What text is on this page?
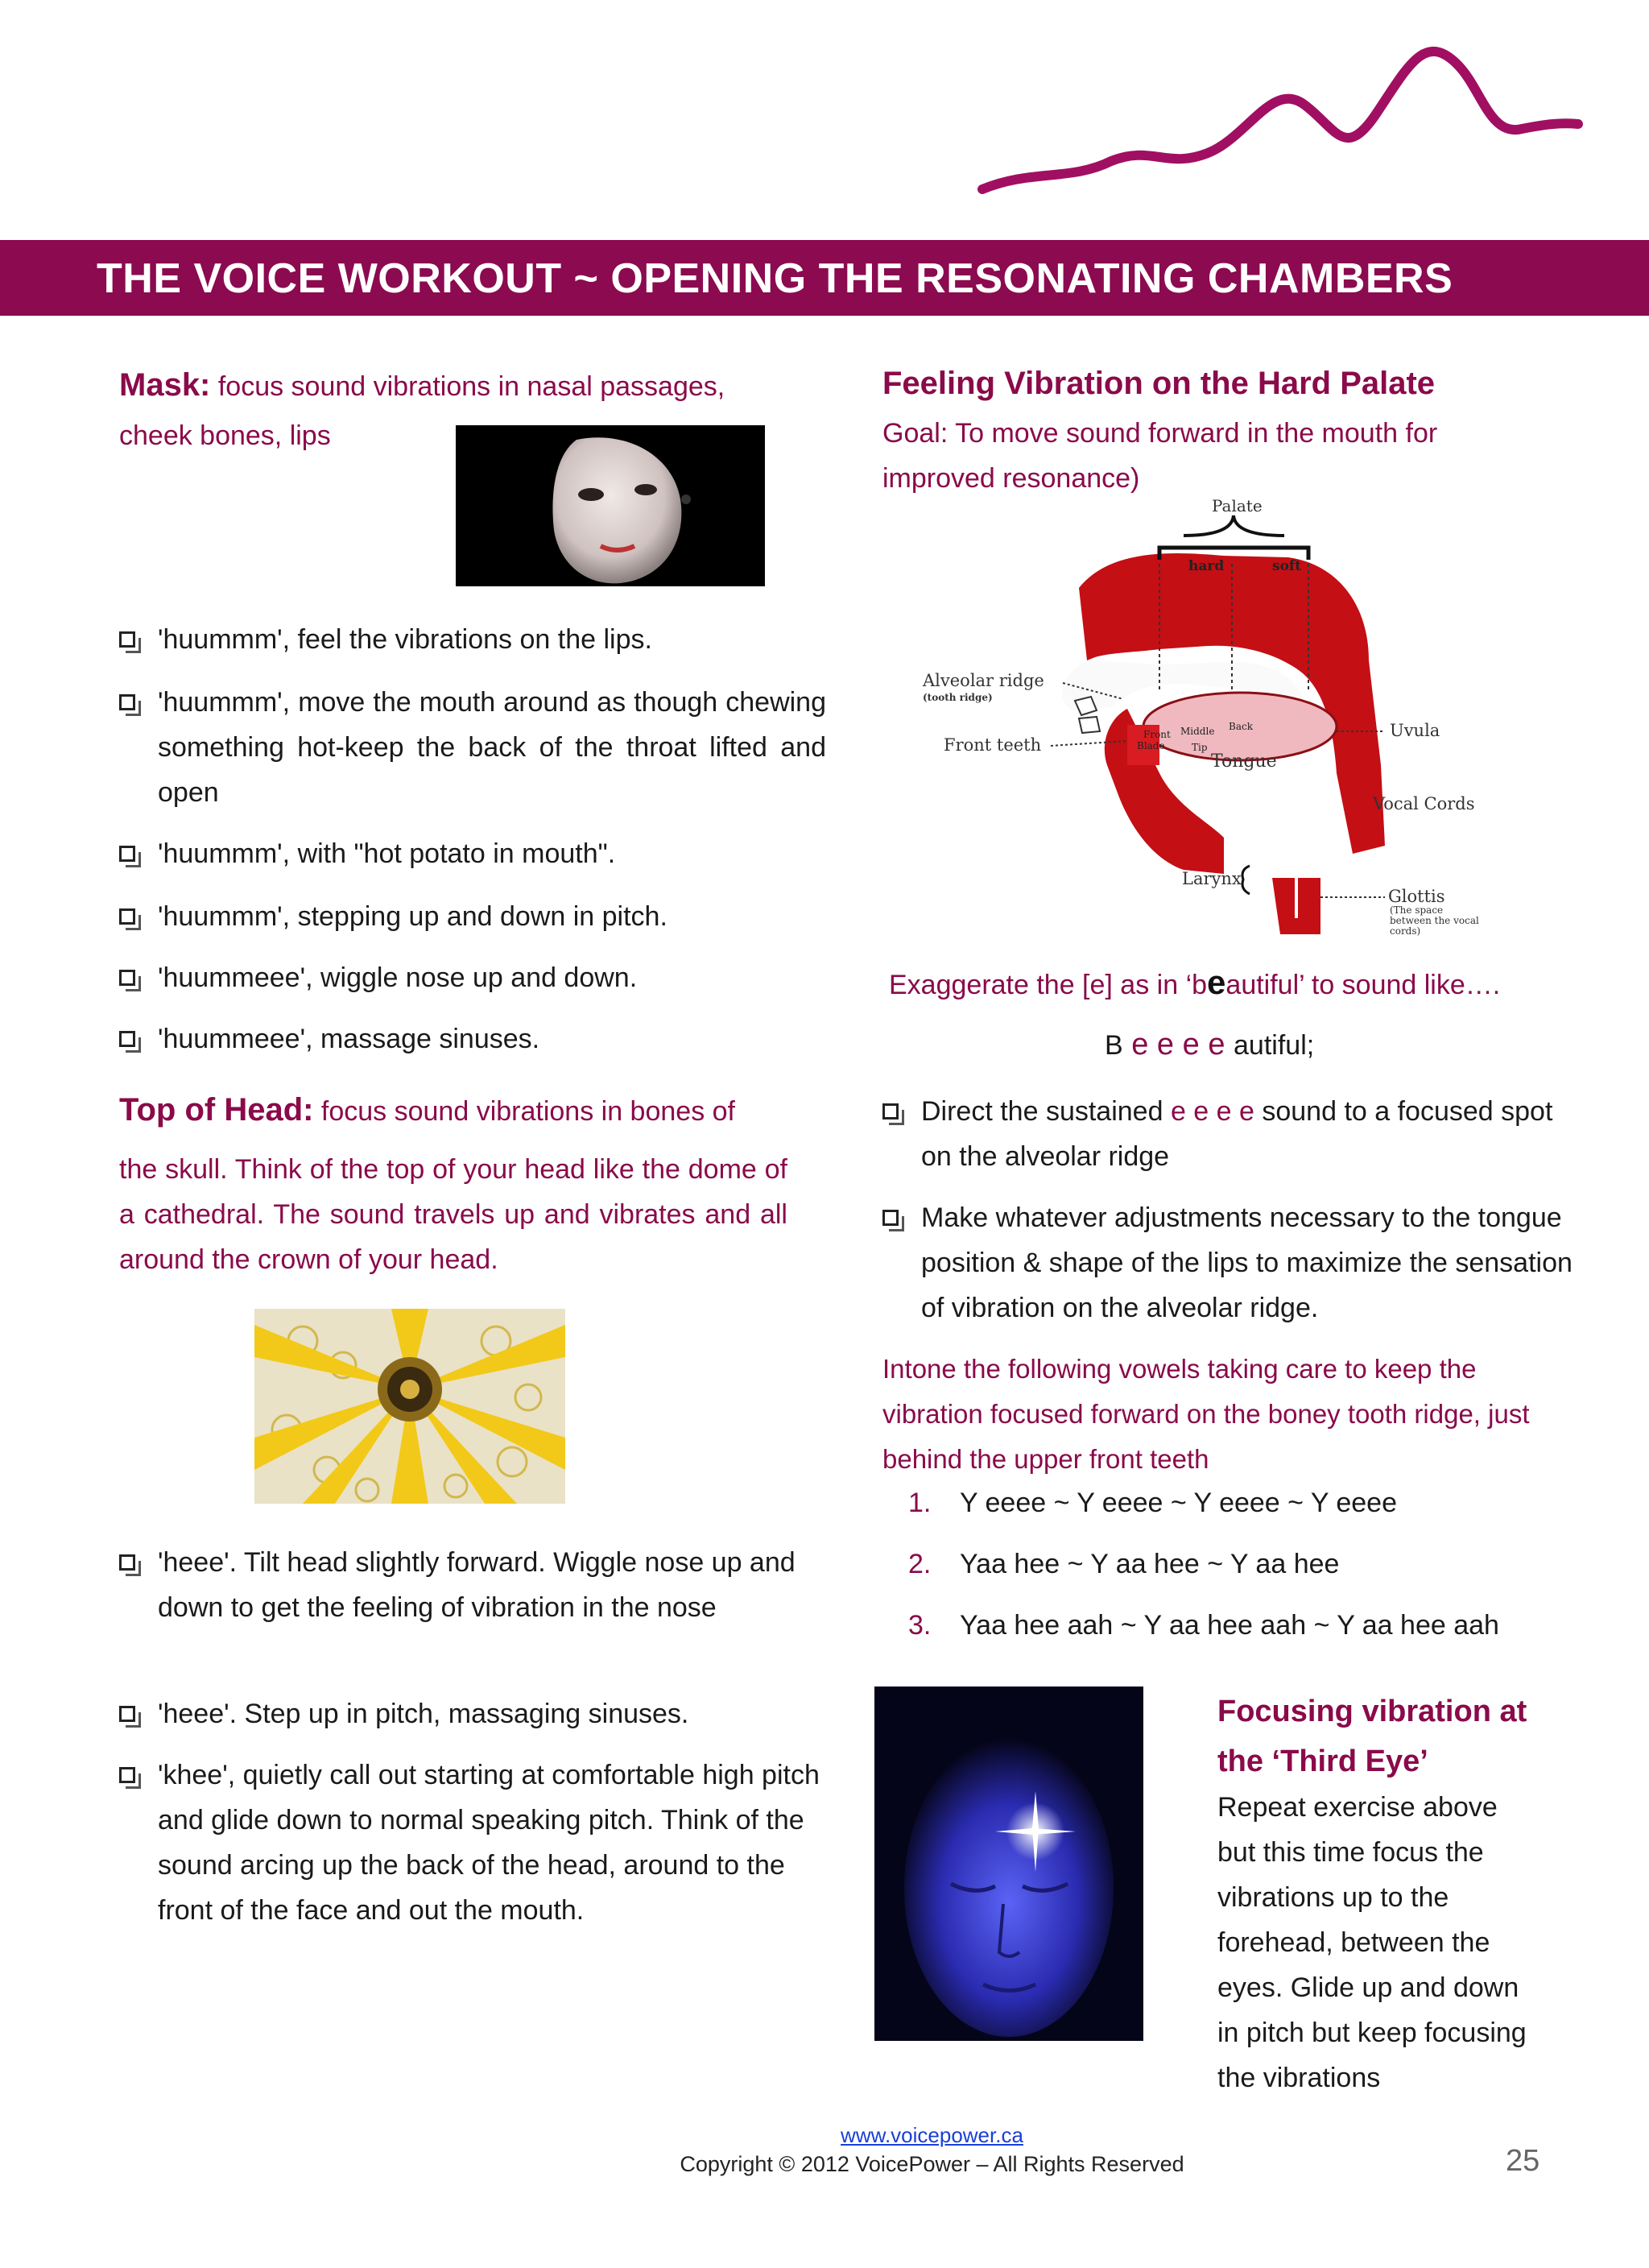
THE VOICE WORKOUT ~ OPENING THE RESONATING CHAMBERS
Mask: focus sound vibrations in nasal passages,
cheek bones, lips
'huummm', feel the vibrations on the lips.
'huummm', move the mouth around as though chewing something hot-keep the back of the throat lifted and open
'huummm', with "hot potato in mouth".
'huummm', stepping up and down in pitch.
'huummeee', wiggle nose up and down.
'huummeee', massage sinuses.
Top of Head: focus sound vibrations in bones of
the skull. Think of the top of your head like the dome of a cathedral. The sound travels up and vibrates and all around the crown of your head.
'heee'. Tilt head slightly forward. Wiggle nose up and down to get the feeling of vibration in the nose
'heee'. Step up in pitch, massaging sinuses.
'khee', quietly call out starting at comfortable high pitch and glide down to normal speaking pitch. Think of the sound arcing up the back of the head, around to the front of the face and out the mouth.
Feeling Vibration on the Hard Palate
Goal: To move sound forward in the mouth for improved resonance)
Palate
hard	soft
Alveolar ridge
(tooth ridge)
Front teeth
Uvula
Tongue
Front
Blade
Middle Back
Tip
Vocal Cords
Larynx
Glottis
(The space
between the vocal
cords)
Exaggerate the [e] as in ‘beautiful’ to sound like….
B e e e e autiful;
Direct the sustained e e e e sound to a focused spot on the alveolar ridge
Make whatever adjustments necessary to the tongue position & shape of the lips to maximize the sensation of vibration on the alveolar ridge.
Intone the following vowels taking care to keep the vibration focused forward on the boney tooth ridge, just behind the upper front teeth
1. Y eeee ~ Y eeee ~ Y eeee ~ Y eeee
2. Yaa hee ~ Y aa hee ~ Y aa hee
3. Yaa hee aah ~ Y aa hee aah ~ Y aa hee aah
Focusing vibration at the ‘Third Eye’
Repeat exercise above but this time focus the vibrations up to the forehead, between the eyes. Glide up and down in pitch but keep focusing the vibrations
www.voicepower.ca
Copyright © 2012 VoicePower – All Rights Reserved	25
